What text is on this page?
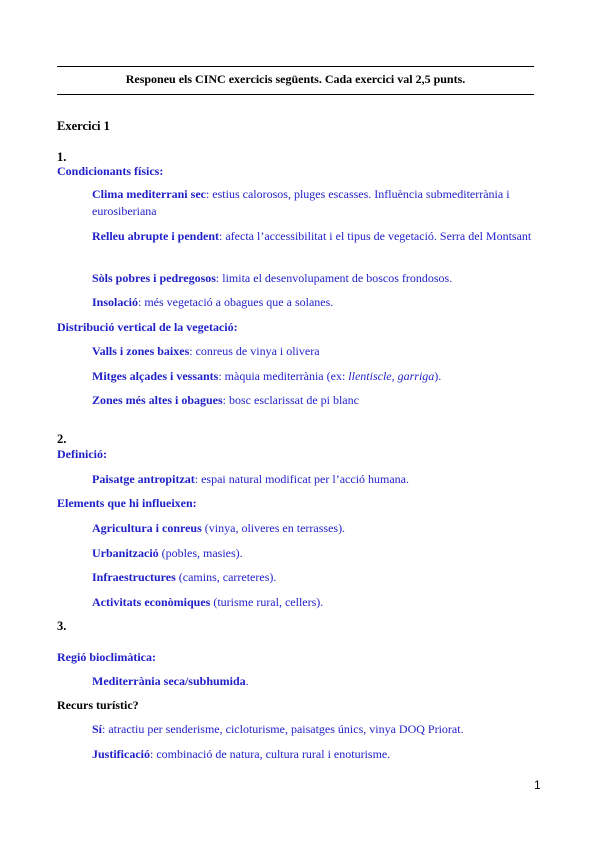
Responeu els CINC exercicis següents. Cada exercici val 2,5 punts.
Exercici 1
1.
Condicionants físics:
Clima mediterrani sec: estius calorosos, pluges escasses. Influència submediterrània i eurosiberiana
Relleu abrupte i pendent: afecta l’accessibilitat i el tipus de vegetació. Serra del Montsant
Sòls pobres i pedregosos: limita el desenvolupament de boscos frondosos.
Insolació: més vegetació a obagues que a solanes.
Distribució vertical de la vegetació:
Valls i zones baixes: conreus de vinya i olivera
Mitges alçades i vessants: màquia mediterrània (ex: llentiscle, garriga).
Zones més altes i obagues: bosc esclarissat de pi blanc
2.
Definició:
Paisatge antropitzat: espai natural modificat per l’acció humana.
Elements que hi influeixen:
Agricultura i conreus (vinya, oliveres en terrasses).
Urbanització (pobles, masies).
Infraestructures (camins, carreteres).
Activitats econòmiques (turisme rural, cellers).
3.
Regió bioclimàtica:
Mediterrània seca/subhumida.
Recurs turístic?
Sí: atractiu per senderisme, cicloturisme, paisatges únics, vinya DOQ Priorat.
Justificació: combinació de natura, cultura rural i enoturisme.
1
